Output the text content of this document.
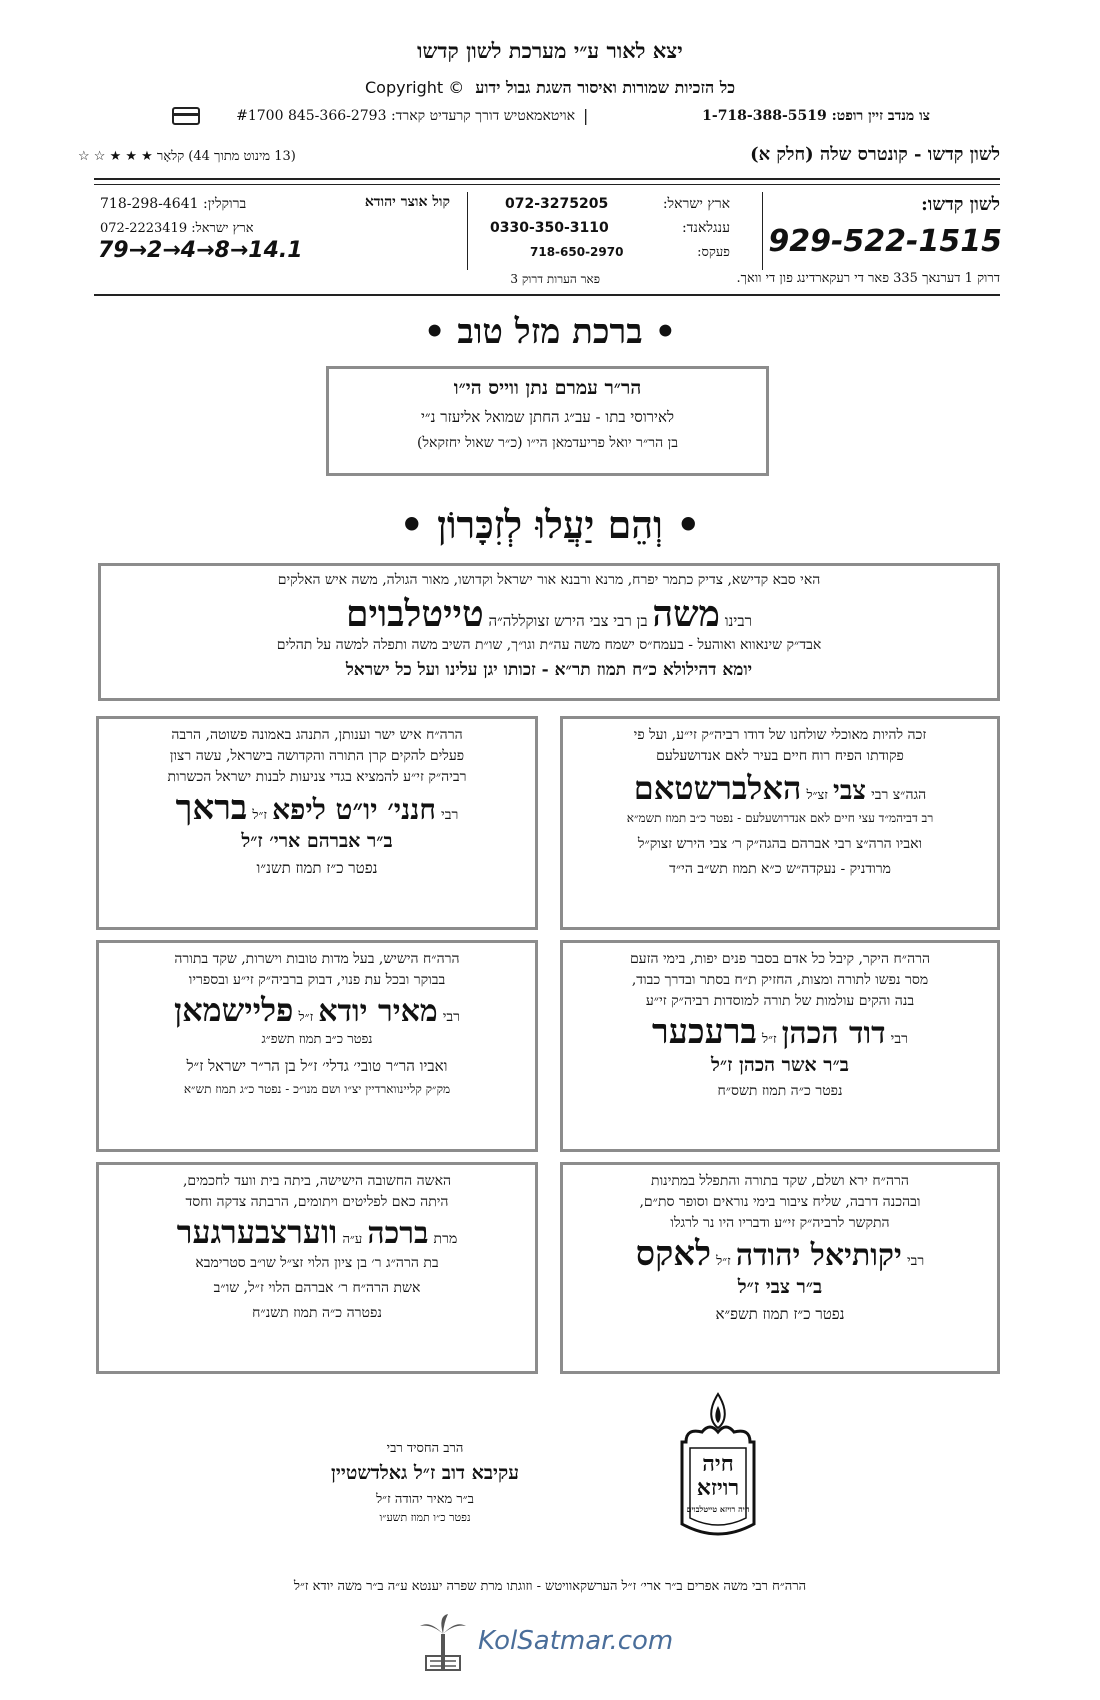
יצא לאור ע״י מערכת לשון קדשו
Copyright © כל הזכיות שמורות ואיסור השגת גבול ידוע
צו מנדב זיין רופט: 1-718-388-5519
|
אויטאמאטיש דורך קרעדיט קארד: 845-366-2793 #1700
לשון קדשו - קונטרס שלה (חלק א)
(13 מינוט מתוך 44) קלאָר ★ ★ ★ ☆ ☆
לשון קדשו:
929-522-1515
ארץ ישראל:
072-3275205
ענגלאנד:
0330-350-3110
פעקס:
718-650-2970
קול אוצר יהודא
ברוקלין: 718-298-4641
ארץ ישראל: 072-2223419
79→2→4→8→14.1
דרוק 1 דערנאך 335 פאר די רעקארדינג פון די וואך.
פאר הערות דרוק 3
• ברכת מזל טוב •
הר״ר עמרם נתן ווייס הי״ו
לאירוסי בתו - עב״ג החתן שמואל אליעזר נ״י
בן הר״ר יואל פריעדמאן הי״ו (כ״ר שאול יחזקאל)
• וְהֵם יַעֲלוּ לְזִכָּרוֹן •
האי סבא קדישא, צדיק כתמר יפרח, מרנא ורבנא אור ישראל וקדושו, מאור הגולה, משה איש האלקים
רבינו משה בן רבי צבי הירש זצוקללה״ה טייטלבוים
אבד״ק שינאווא ואוהעל - בעמח״ס ישמח משה עה״ת וגו״ך, שו״ת השיב משה ותפלה למשה על תהלים
יומא דהילולא כ״ח תמוז תר״א - זכותו יגן עלינו ועל כל ישראל
זכה להיות מאוכלי שולחנו של דודו רביה״ק זי״ע, ועל פי
פקודתו הפיח רוח חיים בעיר לאם אנדושעלעם
הגה״צ רבי צבי זצ״ל האלברשטאם
רב דביהמ״ד עצי חיים לאם אנדרושעלעם - נפטר כ״ב תמוז תשמ״א
ואביו הרה״צ רבי אברהם בהגה״ק ר׳ צבי הירש זצוק״ל
מרודניק - נעקדה״ש כ״א תמוז תש״ב הי״ד
הרה״ח איש ישר וענותן, התנהג באמונה פשוטה, הרבה
פעלים להקים קרן התורה והקדושה בישראל, עשה רצון
רביה״ק זי״ע להמציא בגדי צניעות לבנות ישראל הכשרות
רבי חנני׳ יו״ט ליפא ז״ל בראך
ב״ר אברהם ארי׳ ז״ל
נפטר כ״ז תמוז תשנ״ו
הרה״ח היקר, קיבל כל אדם בסבר פנים יפות, בימי הזעם
מסר נפשו לתורה ומצות, החזיק ת״ח בסתר ובדרך כבוד,
בנה והקים עולמות של תורה למוסדות רביה״ק זי״ע
רבי דוד הכהן ז״ל ברעכער
ב״ר אשר הכהן ז״ל
נפטר כ״ה תמוז תשס״ח
הרה״ח הישיש, בעל מדות טובות וישרות, שקד בתורה
בבוקר ובכל עת פנוי, דבוק ברביה״ק זי״ע ובספריו
רבי מאיר יודא ז״ל פליישמאן
נפטר כ״ב תמוז תשפ״ג
ואביו הר״ר טובי׳ גדלי׳ ז״ל בן הר״ר ישראל ז״ל
מק״ק קליינווארדיין יצ״ו ושם מנו״כ - נפטר כ״ג תמוז תש״א
הרה״ח ירא ושלם, שקד בתורה והתפלל במתינות
ובהכנה דרבה, שליח ציבור בימי נוראים וסופר סת״ם,
התקשר לרביה״ק זי״ע ודבריו היו נר לרגלו
רבי יקותיאל יהודה ז״ל לאקס
ב״ר צבי ז״ל
נפטר כ״ז תמוז תשפ״א
האשה החשובה הישישה, ביתה בית וועד לחכמים,
היתה כאם לפליטים ויתומים, הרבתה צדקה וחסד
מרת ברכה ע״ה ווערצבערגער
בת הרה״ג ר׳ בן ציון הלוי זצ״ל שו״ב סטרימבא
אשת הרה״ח ר׳ אברהם הלוי ז״ל, שו״ב
נפטרה כ״ה תמוז תשנ״ח
הרב החסיד רבי
עקיבא דוב ז״ל גאלדשטיין
ב״ר מאיר יהודה ז״ל
נפטר כ״ו תמוז תשע״ו
חיה
רויזא
חיה רויזא טייטלבוים
הרה״ח רבי משה אפרים ב״ר ארי׳ ז״ל הערשקאוויטש - וזוגתו מרת שפרה יענטא ע״ה ב״ר משה יודא ז״ל
KolSatmar.com
